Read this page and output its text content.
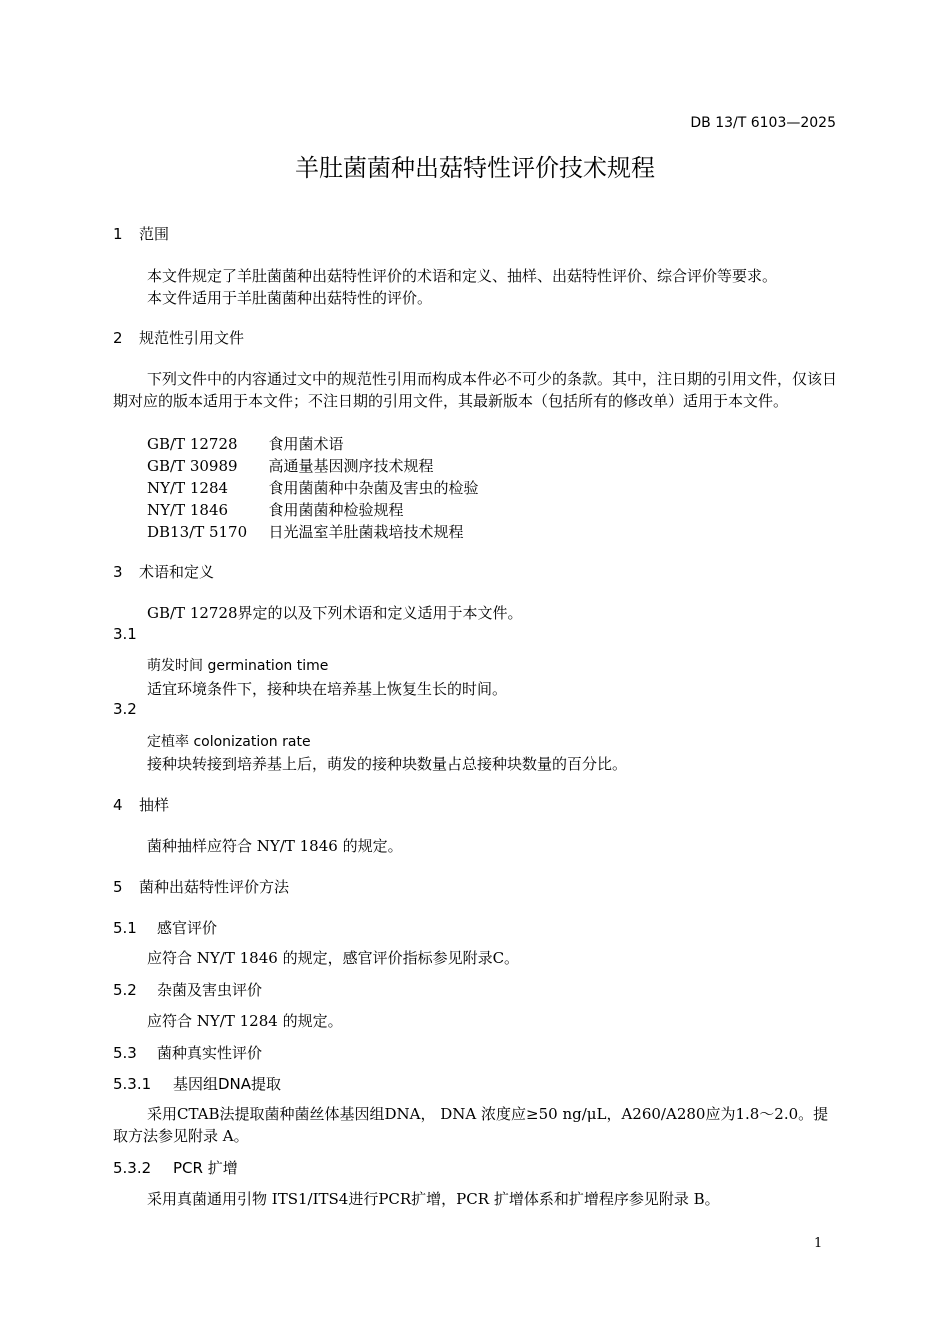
DB 13/T 6103—2025
羊肚菌菌种出菇特性评价技术规程
1 范围
本文件规定了羊肚菌菌种出菇特性评价的术语和定义、抽样、出菇特性评价、综合评价等要求。
本文件适用于羊肚菌菌种出菇特性的评价。
2 规范性引用文件
下列文件中的内容通过文中的规范性引用而构成本件必不可少的条款。其中，注日期的引用文件，仅该日期对应的版本适用于本文件；不注日期的引用文件，其最新版本（包括所有的修改单）适用于本文件。
GB/T 12728 食用菌术语
GB/T 30989 高通量基因测序技术规程
NY/T 1284	食用菌菌种中杂菌及害虫的检验
NY/T 1846	食用菌菌种检验规程
DB13/T 5170 日光温室羊肚菌栽培技术规程
3 术语和定义
GB/T 12728界定的以及下列术语和定义适用于本文件。
3.1
萌发时间 germination time
适宜环境条件下，接种块在培养基上恢复生长的时间。
3.2
定植率 colonization rate
接种块转接到培养基上后，萌发的接种块数量占总接种块数量的百分比。
4 抽样
菌种抽样应符合 NY/T 1846 的规定。
5 菌种出菇特性评价方法
5.1 感官评价
应符合 NY/T 1846 的规定，感官评价指标参见附录C。
5.2 杂菌及害虫评价
应符合 NY/T 1284 的规定。
5.3 菌种真实性评价
5.3.1 基因组DNA提取
采用CTAB法提取菌种菌丝体基因组DNA， DNA 浓度应≥50 ng/μL，A260/A280应为1.8～2.0。提取方法参见附录 A。
5.3.2 PCR 扩增
采用真菌通用引物 ITS1/ITS4进行PCR扩增，PCR 扩增体系和扩增程序参见附录 B。
1
